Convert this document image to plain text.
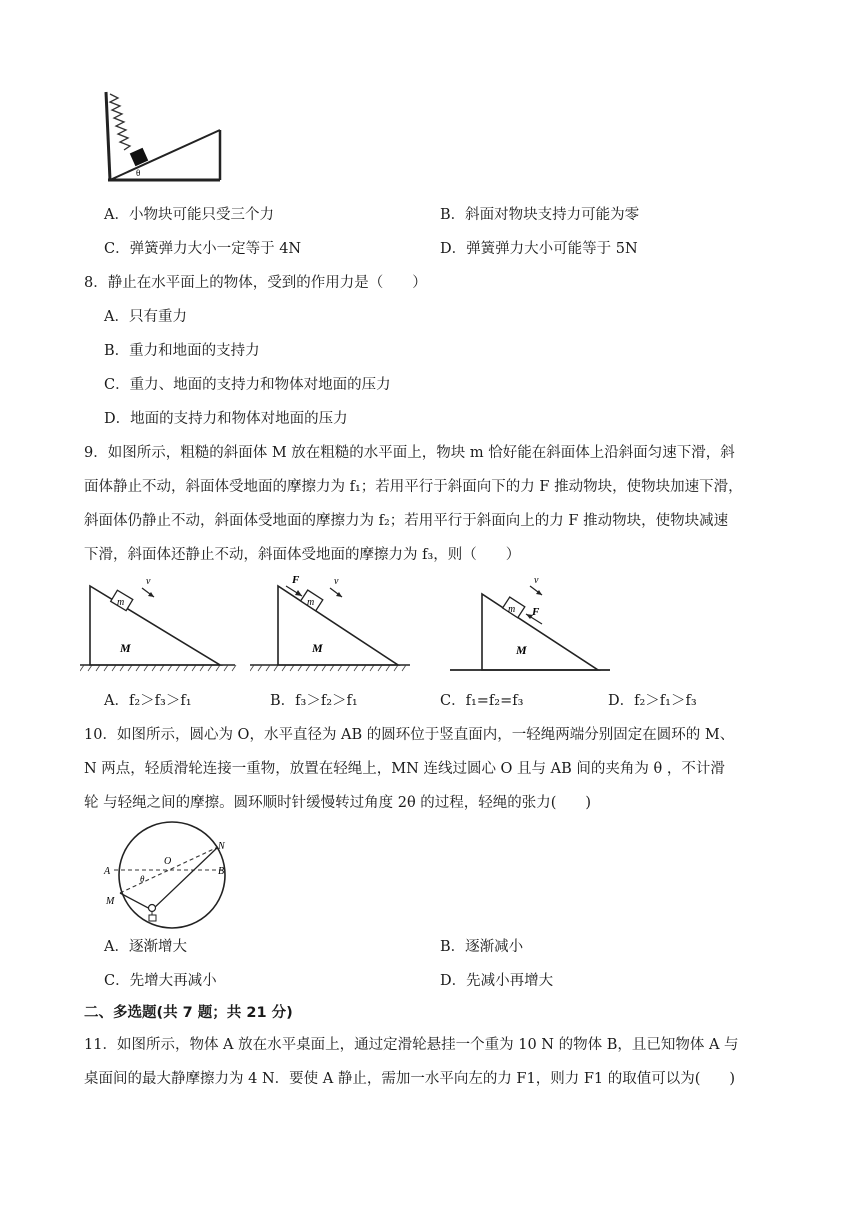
θ
A．小物块可能只受三个力	B．斜面对物块支持力可能为零
C．弹簧弹力大小一定等于 4N	D．弹簧弹力大小可能等于 5N
8．静止在水平面上的物体，受到的作用力是（　　）
A．只有重力
B．重力和地面的支持力
C．重力、地面的支持力和物体对地面的压力
D．地面的支持力和物体对地面的压力
9．如图所示，粗糙的斜面体 M 放在粗糙的水平面上，物块 m 恰好能在斜面体上沿斜面匀速下滑，斜
面体静止不动，斜面体受地面的摩擦力为 f₁；若用平行于斜面向下的力 F 推动物块，使物块加速下滑，
斜面体仍静止不动，斜面体受地面的摩擦力为 f₂；若用平行于斜面向上的力 F 推动物块，使物块减速
下滑，斜面体还静止不动，斜面体受地面的摩擦力为 f₃，则（　　）
m
v
M
m
F	v
M
m F
v
M
A．f₂＞f₃＞f₁	B．f₃＞f₂＞f₁	C．f₁=f₂=f₃	D．f₂＞f₁＞f₃
10．如图所示，圆心为 O，水平直径为 AB 的圆环位于竖直面内，一轻绳两端分别固定在圆环的 M、
N 两点，轻质滑轮连接一重物，放置在轻绳上，MN 连线过圆心 O 且与 AB 间的夹角为 θ ，不计滑
轮 与轻绳之间的摩擦。圆环顺时针缓慢转过角度 2θ 的过程，轻绳的张力(　　)
A	B
O
M
N
θ
A．逐渐增大	B．逐渐减小
C．先增大再减小	D．先减小再增大
二、多选题(共 7 题；共 21 分)
11．如图所示，物体 A 放在水平桌面上，通过定滑轮悬挂一个重为 10 N 的物体 B，且已知物体 A 与
桌面间的最大静摩擦力为 4 N．要使 A 静止，需加一水平向左的力 F1，则力 F1 的取值可以为(　　)
